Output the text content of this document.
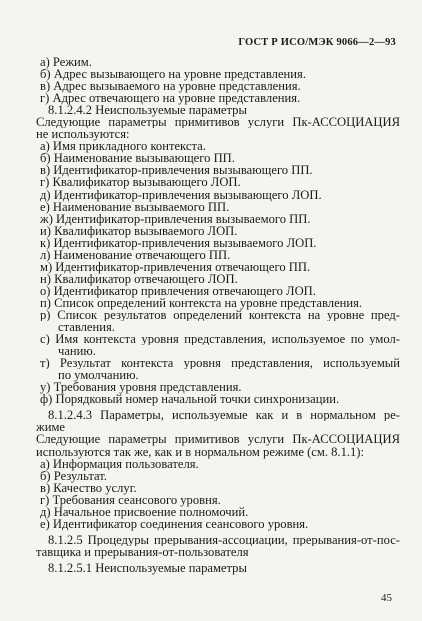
ГОСТ Р ИСО/МЭК 9066—2—93
а) Режим.
б) Адрес вызывающего на уровне представления.
в) Адрес вызываемого на уровне представления.
г) Адрес отвечающего на уровне представления.
8.1.2.4.2 Неиспользуемые параметры
Следующие параметры примитивов услуги Пк-АССОЦИАЦИЯ
не используются:
а) Имя прикладного контекста.
б) Наименование вызывающего ПП.
в) Идентификатор-привлечения вызывающего ПП.
г) Квалификатор вызывающего ЛОП.
д) Идентификатор-привлечения вызывающего ЛОП.
е) Наименование вызываемого ПП.
ж) Идентификатор-привлечения вызываемого ПП.
и) Квалификатор вызываемого ЛОП.
к) Идентификатор-привлечения вызываемого ЛОП.
л) Наименование отвечающего ПП.
м) Идентификатор-привлечения отвечающего ПП.
н) Квалификатор отвечающего ЛОП.
о) Идентификатор привлечения отвечающего ЛОП.
п) Список определений контекста на уровне представления.
р) Список результатов определений контекста на уровне пред-
ставления.
с) Имя контекста уровня представления, используемое по умол-
чанию.
т) Результат контекста уровня представления, используемый
по умолчанию.
у) Требования уровня представления.
ф) Порядковый номер начальной точки синхронизации.
8.1.2.4.3 Параметры, используемые как и в нормальном ре-
жиме
Следующие параметры примитивов услуги Пк-АССОЦИАЦИЯ
используются так же, как и в нормальном режиме (см. 8.1.1):
а) Информация пользователя.
б) Результат.
в) Качество услуг.
г) Требования сеансового уровня.
д) Начальное присвоение полномочий.
е) Идентификатор соединения сеансового уровня.
8.1.2.5 Процедуры прерывания-ассоциации, прерывания-от-пос-
тавщика и прерывания-от-пользователя
8.1.2.5.1 Неиспользуемые параметры
45
